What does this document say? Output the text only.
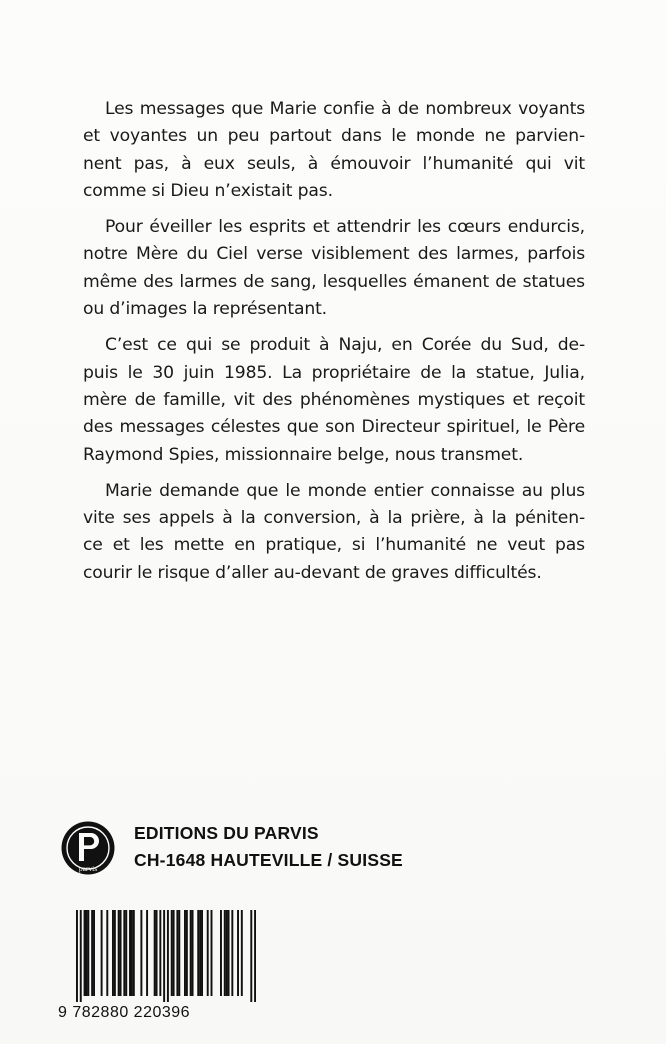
Les messages que Marie confie à de nombreux voyants
et voyantes un peu partout dans le monde ne parvien-
nent pas, à eux seuls, à émouvoir l’humanité qui vit
comme si Dieu n’existait pas.

Pour éveiller les esprits et attendrir les cœurs endurcis,
notre Mère du Ciel verse visiblement des larmes, parfois
même des larmes de sang, lesquelles émanent de statues
ou d’images la représentant.

C’est ce qui se produit à Naju, en Corée du Sud, de-
puis le 30 juin 1985. La propriétaire de la statue, Julia,
mère de famille, vit des phénomènes mystiques et reçoit
des messages célestes que son Directeur spirituel, le Père
Raymond Spies, missionnaire belge, nous transmet.

Marie demande que le monde entier connaisse au plus
vite ses appels à la conversion, à la prière, à la péniten-
ce et les mette en pratique, si l’humanité ne veut pas
courir le risque d’aller au-devant de graves difficultés.

parvis
EDITIONS DU PARVIS
CH-1648 HAUTEVILLE / SUISSE
9 782880 220396
